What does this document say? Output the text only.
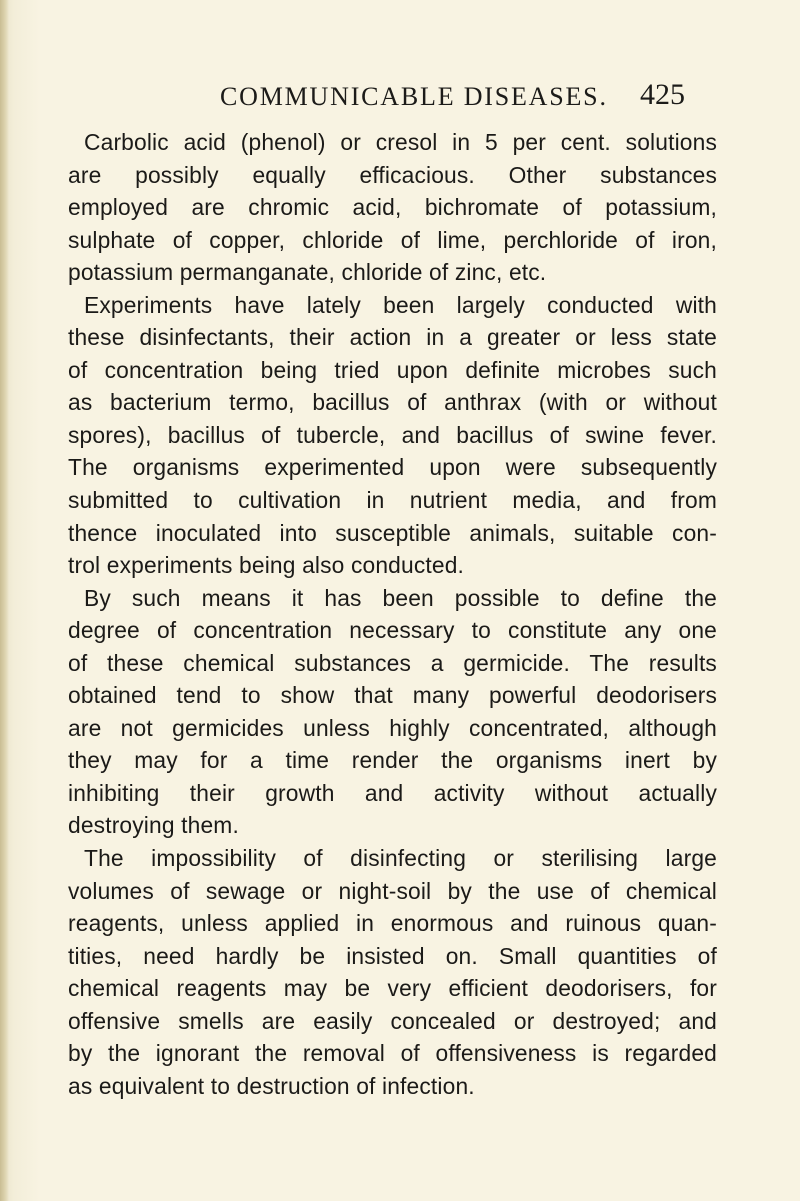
COMMUNICABLE DISEASES. 425
Carbolic acid (phenol) or cresol in 5 per cent. solutions
are possibly equally efficacious. Other substances
employed are chromic acid, bichromate of potassium,
sulphate of copper, chloride of lime, perchloride of iron,
potassium permanganate, chloride of zinc, etc.
Experiments have lately been largely conducted with
these disinfectants, their action in a greater or less state
of concentration being tried upon definite microbes such
as bacterium termo, bacillus of anthrax (with or without
spores), bacillus of tubercle, and bacillus of swine fever.
The organisms experimented upon were subsequently
submitted to cultivation in nutrient media, and from
thence inoculated into susceptible animals, suitable con-
trol experiments being also conducted.
By such means it has been possible to define the
degree of concentration necessary to constitute any one
of these chemical substances a germicide. The results
obtained tend to show that many powerful deodorisers
are not germicides unless highly concentrated, although
they may for a time render the organisms inert by
inhibiting their growth and activity without actually
destroying them.
The impossibility of disinfecting or sterilising large
volumes of sewage or night-soil by the use of chemical
reagents, unless applied in enormous and ruinous quan-
tities, need hardly be insisted on. Small quantities of
chemical reagents may be very efficient deodorisers, for
offensive smells are easily concealed or destroyed; and
by the ignorant the removal of offensiveness is regarded
as equivalent to destruction of infection.
